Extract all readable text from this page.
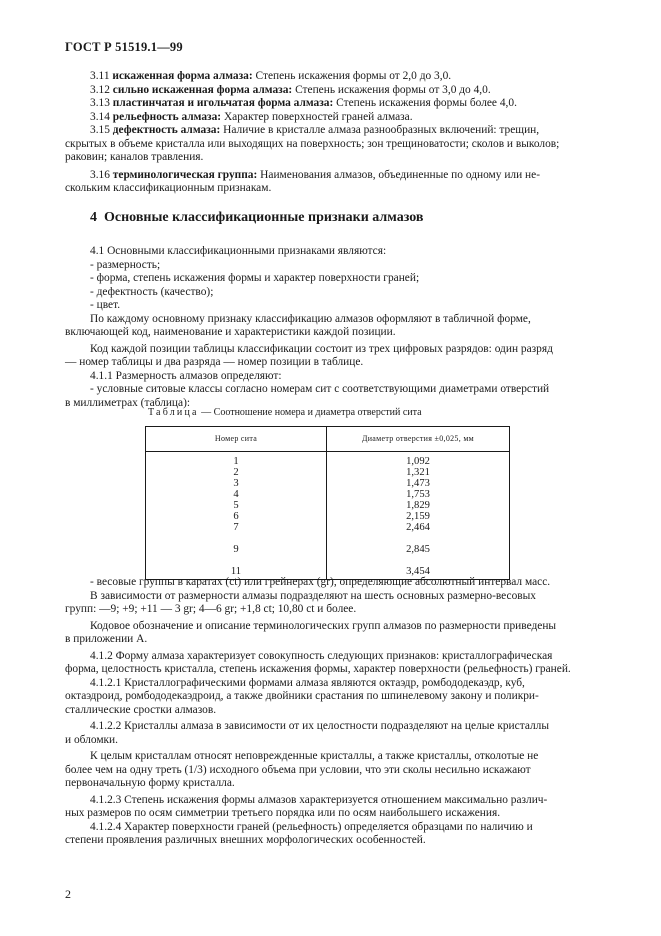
ГОСТ Р 51519.1—99
3.11 искаженная форма алмаза: Степень искажения формы от 2,0 до 3,0.
3.12 сильно искаженная форма алмаза: Степень искажения формы от 3,0 до 4,0.
3.13 пластинчатая и игольчатая форма алмаза: Степень искажения формы более 4,0.
3.14 рельефность алмаза: Характер поверхностей граней алмаза.
3.15 дефектность алмаза: Наличие в кристалле алмаза разнообразных включений: трещин,
скрытых в объеме кристалла или выходящих на поверхность; зон трещиноватости; сколов и выколов;
раковин; каналов травления.
3.16 терминологическая группа: Наименования алмазов, объединенные по одному или не-
скольким классификационным признакам.
4 Основные классификационные признаки алмазов
4.1 Основными классификационными признаками являются:
- размерность;
- форма, степень искажения формы и характер поверхности граней;
- дефектность (качество);
- цвет.
По каждому основному признаку классификацию алмазов оформляют в табличной форме,
включающей код, наименование и характеристики каждой позиции.
Код каждой позиции таблицы классификации состоит из трех цифровых разрядов: один разряд
— номер таблицы и два разряда — номер позиции в таблице.
4.1.1 Размерность алмазов определяют:
- условные ситовые классы согласно номерам сит с соответствующими диаметрами отверстий
в миллиметрах (таблица):
Таблица — Соотношение номера и диаметра отверстий сита
Номер сита	Диаметр отверстия ±0,025, мм

1	1,092
2	1,321
3	1,473
4	1,753
5	1,829
6	2,159
7	2,464

9	2,845

11	3,454
- весовые группы в каратах (ct) или грейнерах (gr), определяющие абсолютный интервал масс.
В зависимости от размерности алмазы подразделяют на шесть основных размерно-весовых
групп: —9; +9; +11 — 3 gr; 4—6 gr; +1,8 ct; 10,80 ct и более.
Кодовое обозначение и описание терминологических групп алмазов по размерности приведены
в приложении А.
4.1.2 Форму алмаза характеризует совокупность следующих признаков: кристаллографическая
форма, целостность кристалла, степень искажения формы, характер поверхности (рельефность) граней.
4.1.2.1 Кристаллографическими формами алмаза являются октаэдр, ромбододекаэдр, куб,
октаэдроид, ромбододекаэдроид, а также двойники срастания по шпинелевому закону и поликри-
сталлические сростки алмазов.
4.1.2.2 Кристаллы алмаза в зависимости от их целостности подразделяют на целые кристаллы
и обломки.
К целым кристаллам относят неповрежденные кристаллы, а также кристаллы, отколотые не
более чем на одну треть (1/3) исходного объема при условии, что эти сколы несильно искажают
первоначальную форму кристалла.
4.1.2.3 Степень искажения формы алмазов характеризуется отношением максимально различ-
ных размеров по осям симметрии третьего порядка или по осям наибольшего искажения.
4.1.2.4 Характер поверхности граней (рельефность) определяется образцами по наличию и
степени проявления различных внешних морфологических особенностей.
2
